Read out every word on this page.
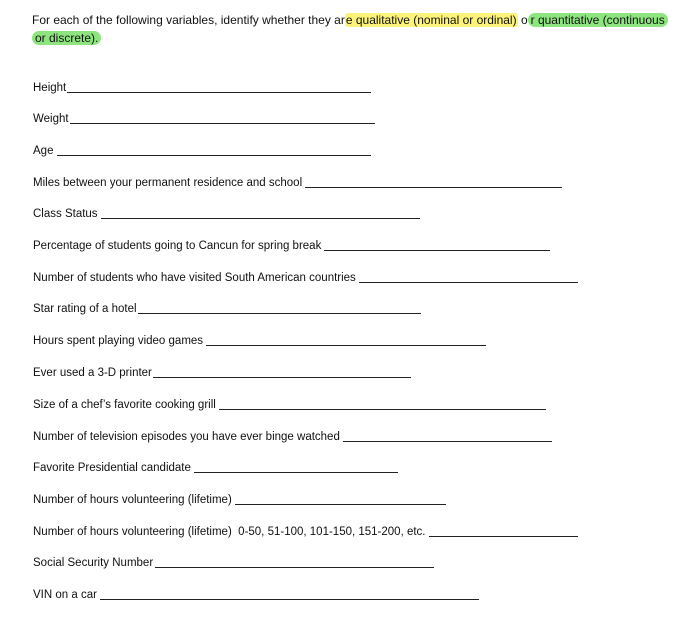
For each of the following variables, identify whether they are qualitative (nominal or ordinal) o r quantitative (continuous
or discrete).
Height
Weight
Age
Miles between your permanent residence and school
Class Status
Percentage of students going to Cancun for spring break
Number of students who have visited South American countries
Star rating of a hotel
Hours spent playing video games
Ever used a 3-D printer
Size of a chef’s favorite cooking grill
Number of television episodes you have ever binge watched
Favorite Presidential candidate
Number of hours volunteering (lifetime)
Number of hours volunteering (lifetime)  0-50, 51-100, 101-150, 151-200, etc.
Social Security Number
VIN on a car
